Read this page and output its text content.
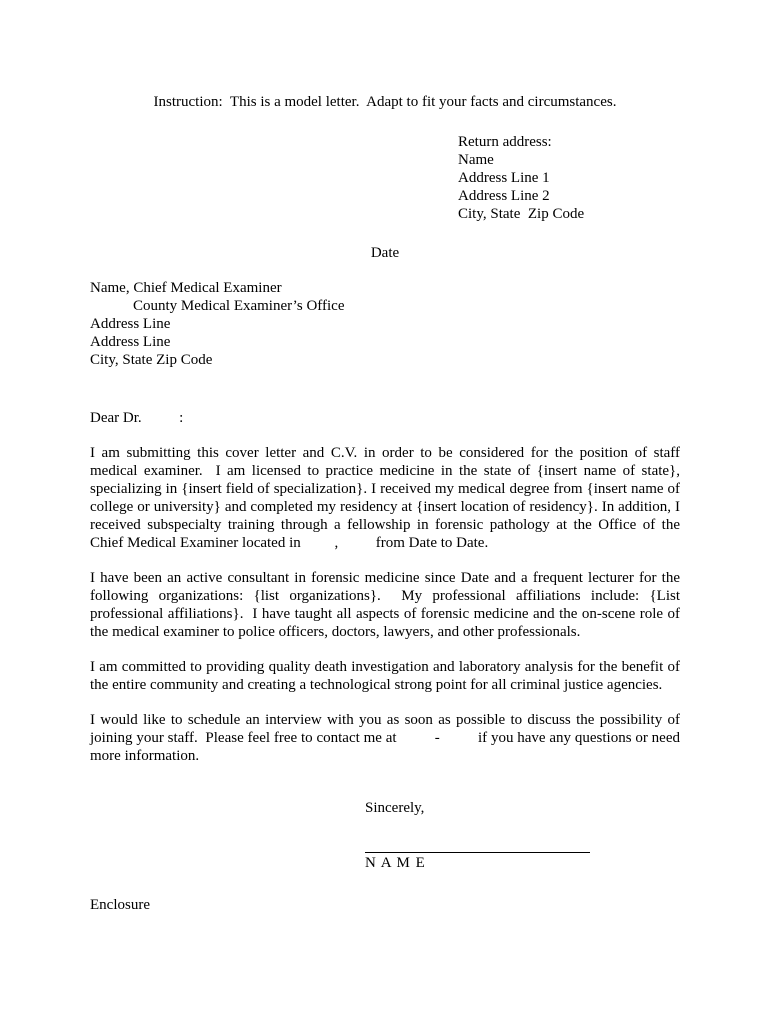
Instruction:  This is a model letter.  Adapt to fit your facts and circumstances.
Return address:
Name
Address Line 1
Address Line 2
City, State  Zip Code
Date
Name, Chief Medical Examiner
County Medical Examiner’s Office
Address Line
Address Line
City, State Zip Code
Dear Dr.          :
I am submitting this cover letter and C.V. in order to be considered for the position of staff medical examiner.  I am licensed to practice medicine in the state of {insert name of state}, specializing in {insert field of specialization}. I received my medical degree from {insert name of college or university} and completed my residency at {insert location of residency}. In addition, I received subspecialty training through a fellowship in forensic pathology at the Office of the Chief Medical Examiner located in         ,          from Date to Date.
I have been an active consultant in forensic medicine since Date and a frequent lecturer for the following organizations: {list organizations}.  My professional affiliations include: {List professional affiliations}.  I have taught all aspects of forensic medicine and the on-scene role of the medical examiner to police officers, doctors, lawyers, and other professionals.
I am committed to providing quality death investigation and laboratory analysis for the benefit of the entire community and creating a technological strong point for all criminal justice agencies.
I would like to schedule an interview with you as soon as possible to discuss the possibility of joining your staff.  Please feel free to contact me at          -          if you have any questions or need more information.
Sincerely,
N A M E
Enclosure
